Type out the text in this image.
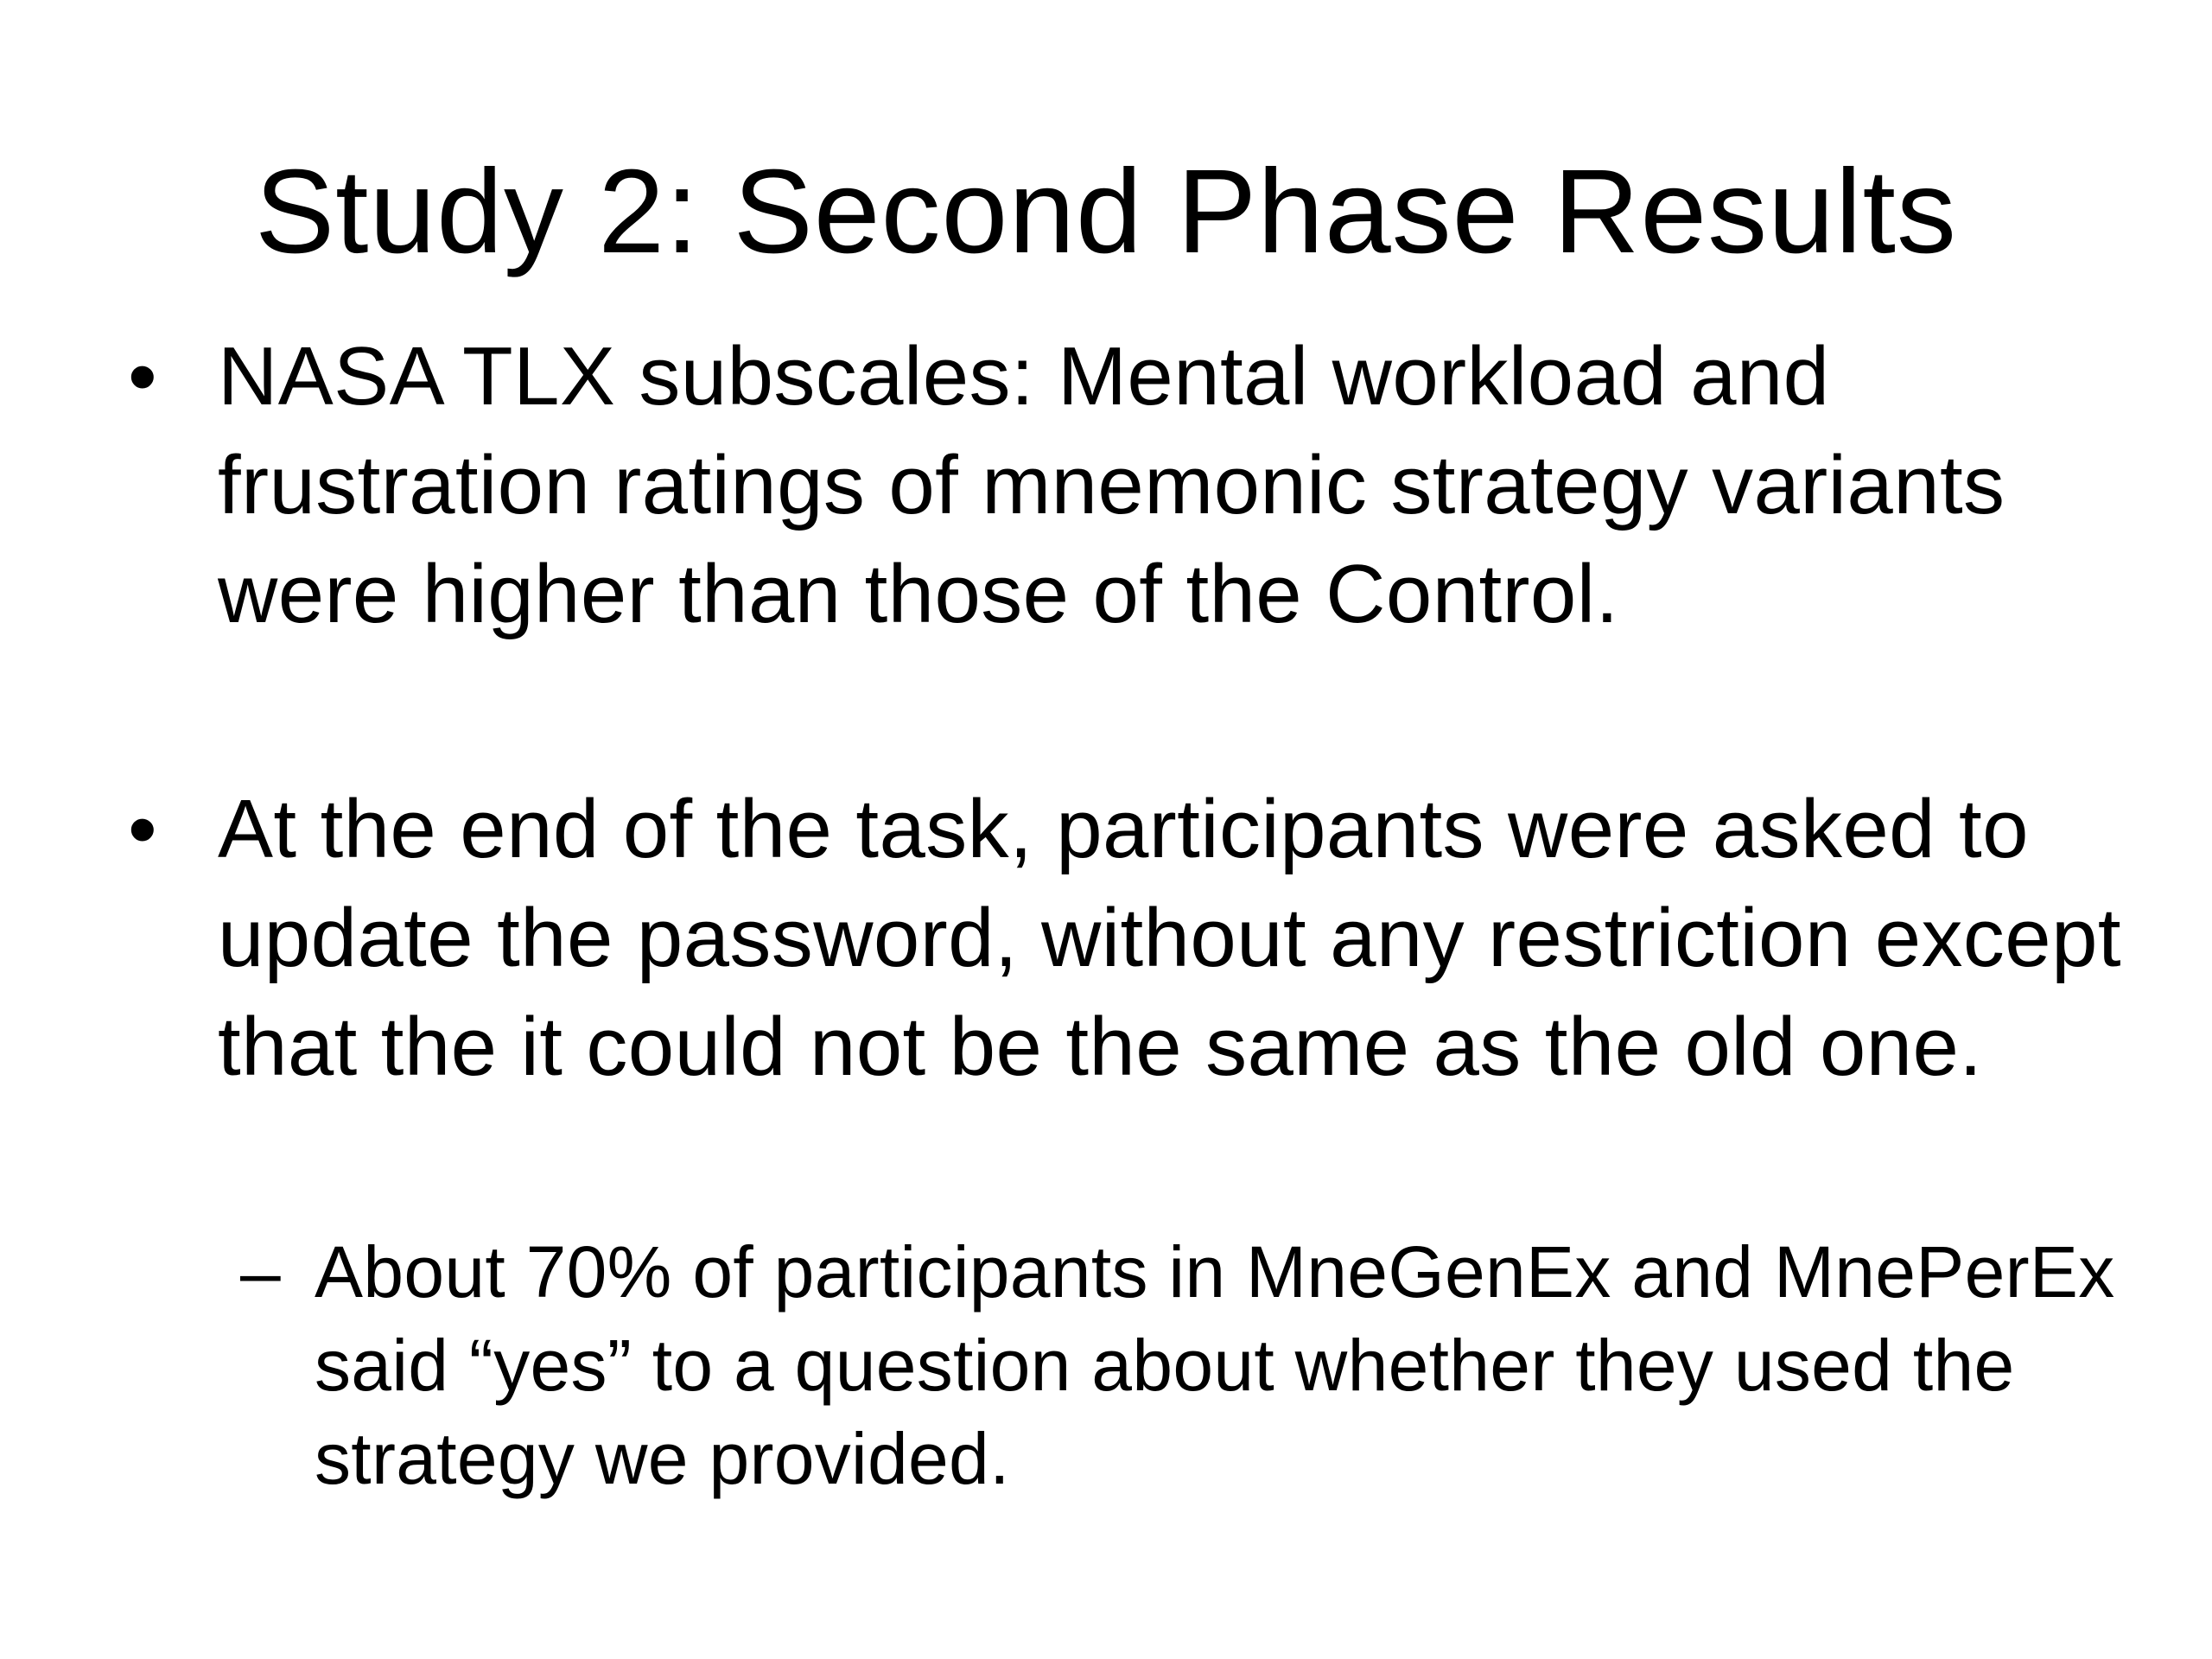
Study 2: Second Phase Results
• NASA TLX subscales: Mental workload and frustration ratings of mnemonic strategy variants were higher than those of the Control.
• At the end of the task, participants were asked to update the password, without any restriction except that the it could not be the same as the old one.
– About 70% of participants in MneGenEx and MnePerEx said “yes” to a question about whether they used the strategy we provided.
